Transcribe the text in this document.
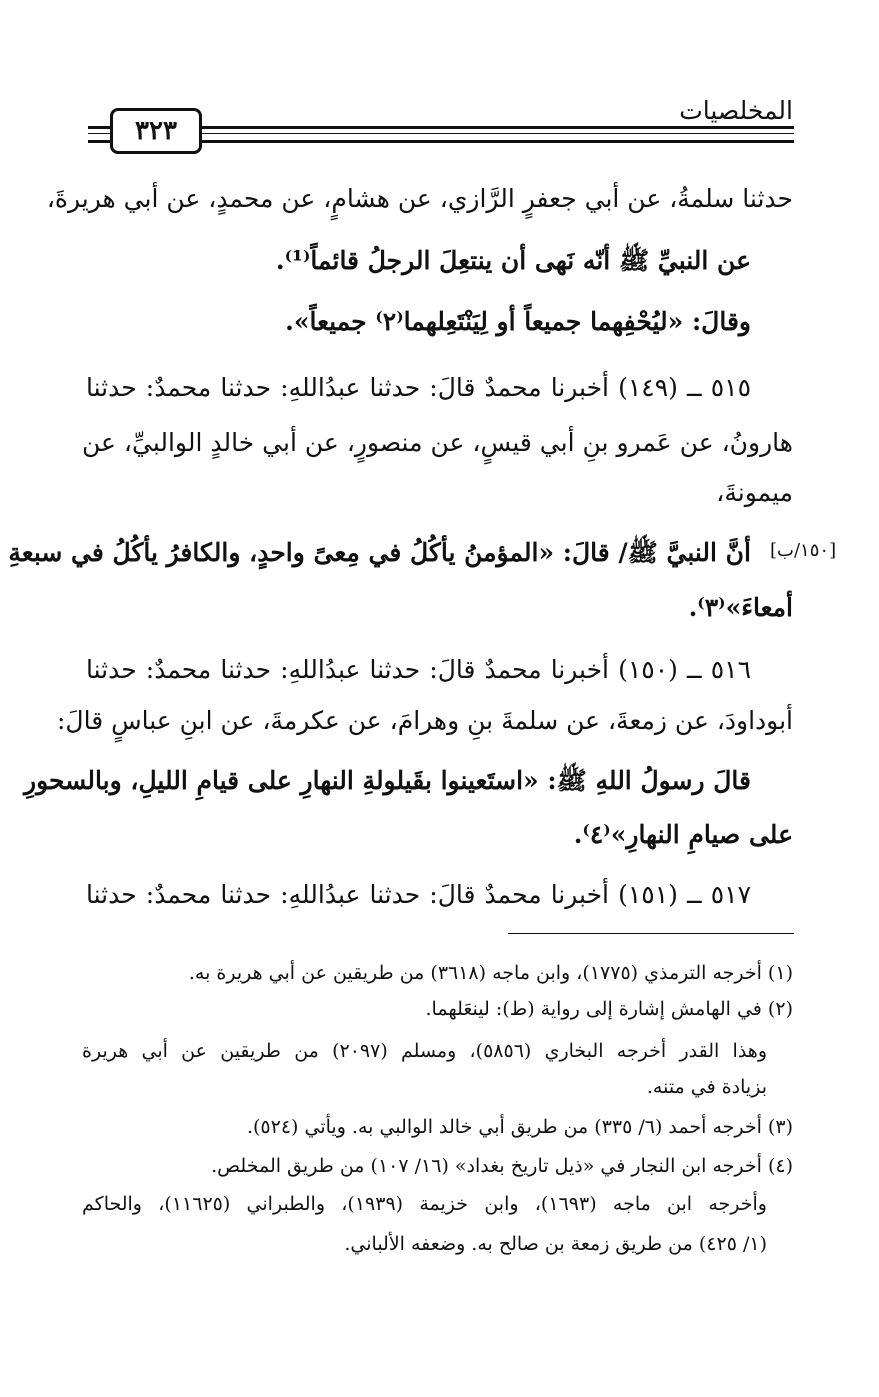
المخلصيات
٣٢٣
حدثنا سلمةُ، عن أبي جعفرٍ الرَّازي، عن هشامٍ، عن محمدٍ، عن أبي هريرةَ،
عن النبيِّ ﷺ أنّه نَهى أن ينتعِلَ الرجلُ قائماً⁽¹⁾.
وقالَ: «ليُحْفِهما جميعاً أو لِيَنْتَعِلهما⁽٢⁾ جميعاً».
٥١٥ ــ (١٤٩) أخبرنا محمدٌ قالَ: حدثنا عبدُاللهِ: حدثنا محمدٌ: حدثنا
هارونُ، عن عَمرو بنِ أبي قيسٍ، عن منصورٍ، عن أبي خالدٍ الوالبيِّ، عن
ميمونةَ،
أنَّ النبيَّ ﷺ/ قالَ: «المؤمنُ يأكُلُ في مِعىً واحدٍ، والكافرُ يأكُلُ في سبعةِ [١٥٠/ب]
أمعاءَ»⁽٣⁾.
٥١٦ ــ (١٥٠) أخبرنا محمدٌ قالَ: حدثنا عبدُاللهِ: حدثنا محمدٌ: حدثنا
أبوداودَ، عن زمعةَ، عن سلمةَ بنِ وهرامَ، عن عكرمةَ، عن ابنِ عباسٍ قالَ:
قالَ رسولُ اللهِ ﷺ: «استَعينوا بقَيلولةِ النهارِ على قيامِ الليلِ، وبالسحورِ
على صيامِ النهارِ»⁽٤⁾.
٥١٧ ــ (١٥١) أخبرنا محمدٌ قالَ: حدثنا عبدُاللهِ: حدثنا محمدٌ: حدثنا
(١) أخرجه الترمذي (١٧٧٥)، وابن ماجه (٣٦١٨) من طريقين عن أبي هريرة به.
(٢) في الهامش إشارة إلى رواية (ط): لينعَلهما.
وهذا القدر أخرجه البخاري (٥٨٥٦)، ومسلم (٢٠٩٧) من طريقين عن أبي هريرة
بزيادة في متنه.
(٣) أخرجه أحمد (٦/ ٣٣٥) من طريق أبي خالد الوالبي به. ويأتي (٥٢٤).
(٤) أخرجه ابن النجار في «ذيل تاريخ بغداد» (١٦/ ١٠٧) من طريق المخلص.
وأخرجه ابن ماجه (١٦٩٣)، وابن خزيمة (١٩٣٩)، والطبراني (١١٦٢٥)، والحاكم
(١/ ٤٢٥) من طريق زمعة بن صالح به. وضعفه الألباني.
